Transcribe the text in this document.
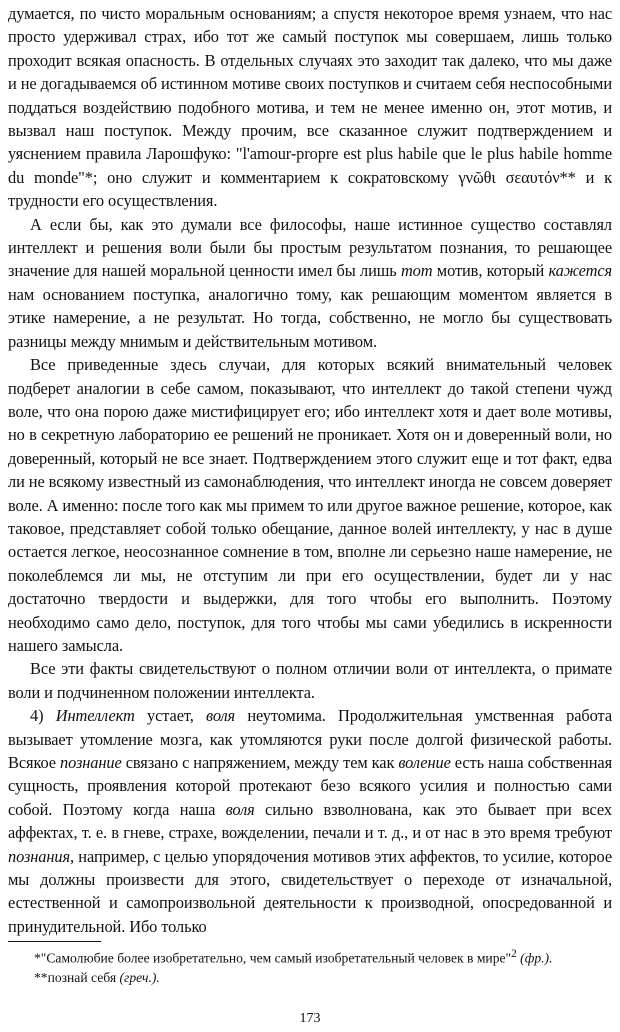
думается, по чисто моральным основаниям; а спустя некоторое время узнаем, что нас просто удерживал страх, ибо тот же самый поступок мы совершаем, лишь только проходит всякая опасность. В отдельных случаях это заходит так далеко, что мы даже и не догадываемся об истинном мотиве своих поступков и считаем себя неспособными поддаться воздействию подобного мотива, и тем не менее именно он, этот мотив, и вызвал наш поступок. Между прочим, все сказанное служит подтверждением и уяснением правила Ларошфуко: "l'amour-propre est plus habile que le plus habile homme du monde"*; оно служит и комментарием к сократовскому γνῶθι σεαυτόν** и к трудности его осуществления.

А если бы, как это думали все философы, наше истинное существо составлял интеллект и решения воли были бы простым результатом познания, то решающее значение для нашей моральной ценности имел бы лишь тот мотив, который кажется нам основанием поступка, аналогично тому, как решающим моментом является в этике намерение, а не результат. Но тогда, собственно, не могло бы существовать разницы между мнимым и действительным мотивом.

Все приведенные здесь случаи, для которых всякий внимательный человек подберет аналогии в себе самом, показывают, что интеллект до такой степени чужд воле, что она порою даже мистифицирует его; ибо интеллект хотя и дает воле мотивы, но в секретную лабораторию ее решений не проникает. Хотя он и доверенный воли, но доверенный, который не все знает. Подтверждением этого служит еще и тот факт, едва ли не всякому известный из самонаблюдения, что интеллект иногда не совсем доверяет воле. А именно: после того как мы примем то или другое важное решение, которое, как таковое, представляет собой только обещание, данное волей интеллекту, у нас в душе остается легкое, неосознанное сомнение в том, вполне ли серьезно наше намерение, не поколеблемся ли мы, не отступим ли при его осуществлении, будет ли у нас достаточно твердости и выдержки, для того чтобы его выполнить. Поэтому необходимо само дело, поступок, для того чтобы мы сами убедились в искренности нашего замысла.

Все эти факты свидетельствуют о полном отличии воли от интеллекта, о примате воли и подчиненном положении интеллекта.

4) Интеллект устает, воля неутомима. Продолжительная умственная работа вызывает утомление мозга, как утомляются руки после долгой физической работы. Всякое познание связано с напряжением, между тем как воление есть наша собственная сущность, проявления которой протекают безо всякого усилия и полностью сами собой. Поэтому когда наша воля сильно взволнована, как это бывает при всех аффектах, т. е. в гневе, страхе, вожделении, печали и т. д., и от нас в это время требуют познания, например, с целью упорядочения мотивов этих аффектов, то усилие, которое мы должны произвести для этого, свидетельствует о переходе от изначальной, естественной и самопроизвольной деятельности к производной, опосредованной и принудительной. Ибо только

*"Самолюбие более изобретательно, чем самый изобретательный человек в мире"$^2$ (фр.).

**познай себя (греч.).

173
